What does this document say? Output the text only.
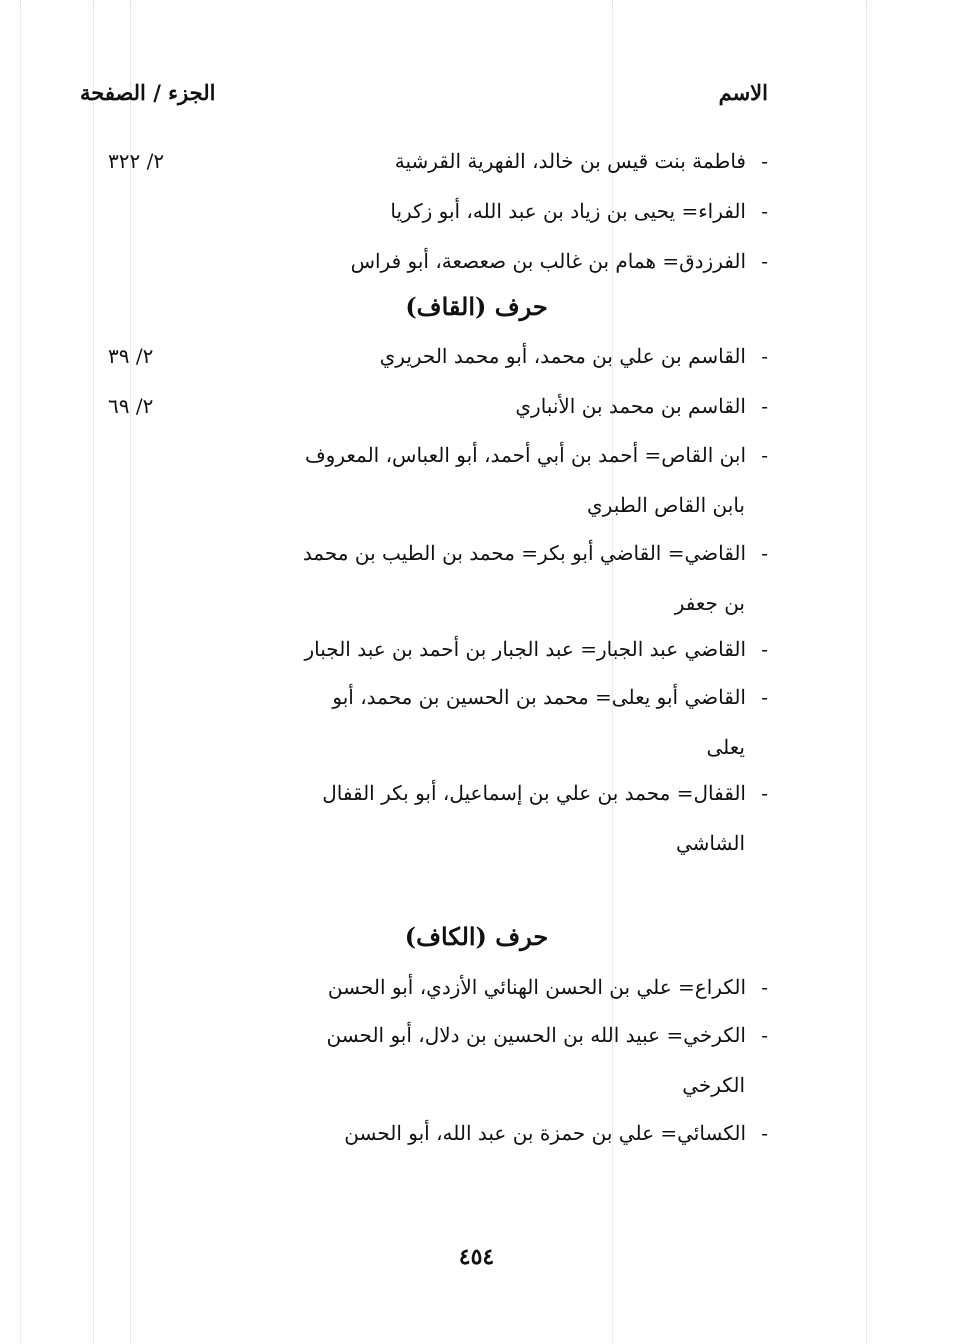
الاسم
الجزء / الصفحة
-فاطمة بنت قيس بن خالد، الفهرية القرشية
٢/ ٣٢٢
-الفراء= يحيى بن زياد بن عبد الله، أبو زكريا
-الفرزدق= همام بن غالب بن صعصعة، أبو فراس
حرف (القاف)
-القاسم بن علي بن محمد، أبو محمد الحريري
٢/ ٣٩
-القاسم بن محمد بن الأنباري
٢/ ٦٩
-ابن القاص= أحمد بن أبي أحمد، أبو العباس، المعروف
بابن القاص الطبري
-القاضي= القاضي أبو بكر= محمد بن الطيب بن محمد
بن جعفر
-القاضي عبد الجبار= عبد الجبار بن أحمد بن عبد الجبار
-القاضي أبو يعلى= محمد بن الحسين بن محمد، أبو
يعلى
-القفال= محمد بن علي بن إسماعيل، أبو بكر القفال
الشاشي
حرف (الكاف)
-الكراع= علي بن الحسن الهنائي الأزدي، أبو الحسن
-الكرخي= عبيد الله بن الحسين بن دلال، أبو الحسن
الكرخي
-الكسائي= علي بن حمزة بن عبد الله، أبو الحسن
٤٥٤
